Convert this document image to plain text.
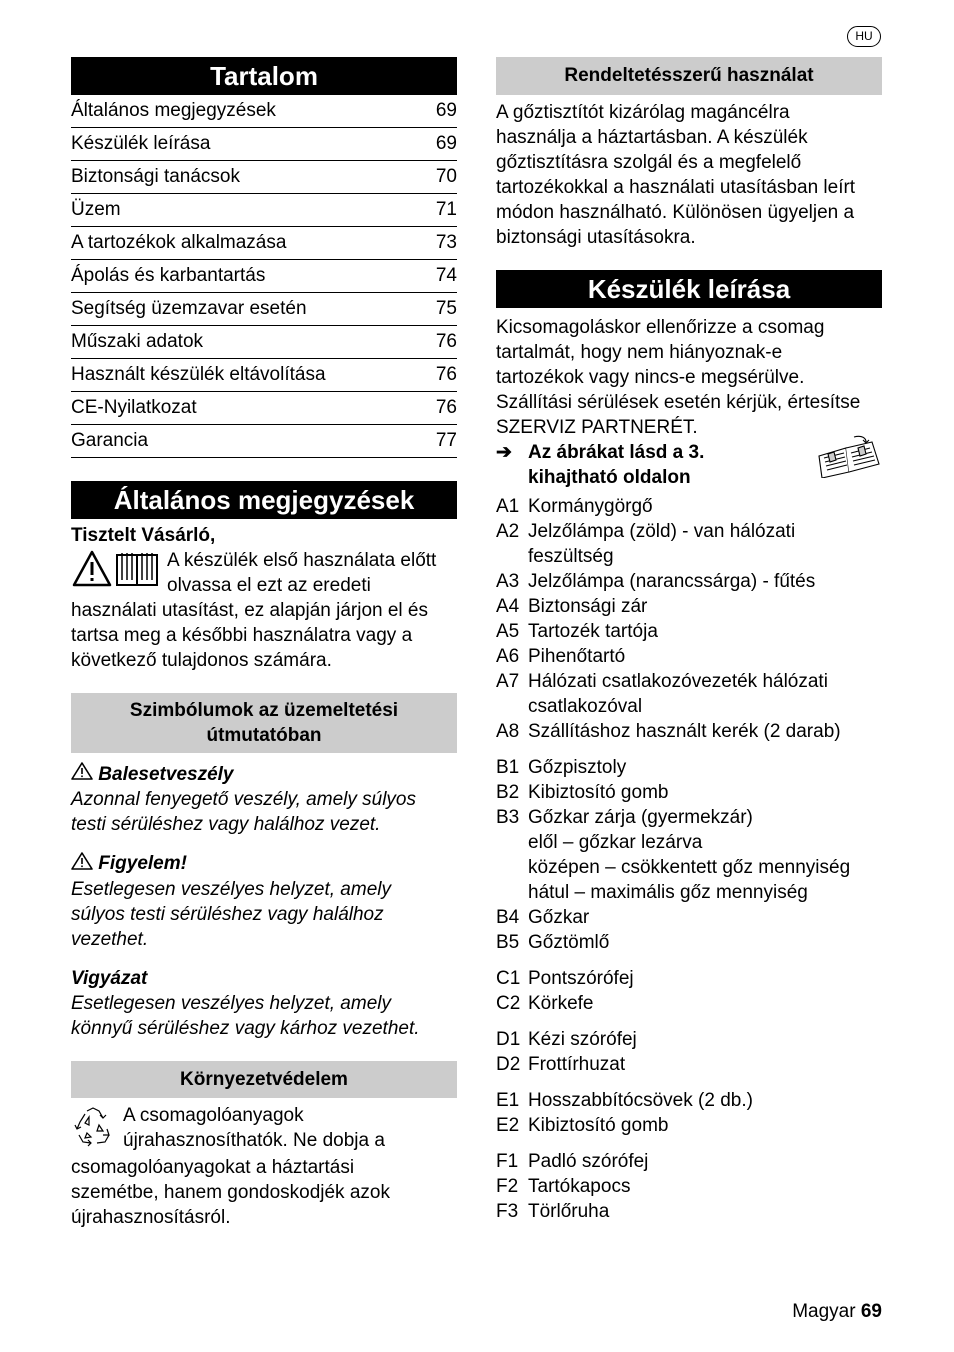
HU
Tartalom
Általános megjegyzések	69
Készülék leírása	69
Biztonsági tanácsok	70
Üzem	71
A tartozékok alkalmazása	73
Ápolás és karbantartás	74
Segítség üzemzavar esetén	75
Műszaki adatok	76
Használt készülék eltávolítása	76
CE-Nyilatkozat	76
Garancia	77
Általános megjegyzések
Tisztelt Vásárló,
A készülék első használata előtt
olvassa el ezt az eredeti
használati utasítást, ez alapján járjon el és
tartsa meg a későbbi használatra vagy a
következő tulajdonos számára.
Szimbólumok az üzemeltetési
útmutatóban
Balesetveszély
Azonnal fenyegető veszély, amely súlyos
testi sérüléshez vagy halálhoz vezet.
Figyelem!
Esetlegesen veszélyes helyzet, amely
súlyos testi sérüléshez vagy halálhoz
vezethet.
Vigyázat
Esetlegesen veszélyes helyzet, amely
könnyű sérüléshez vagy kárhoz vezethet.
Környezetvédelem
A csomagolóanyagok
újrahasznosíthatók. Ne dobja a
csomagolóanyagokat a háztartási
szemétbe, hanem gondoskodjék azok
újrahasznosításról.
Rendeltetésszerű használat
A gőztisztítót kizárólag magáncélra
használja a háztartásban. A készülék
gőztisztításra szolgál és a megfelelő
tartozékokkal a használati utasításban leírt
módon használható. Különösen ügyeljen a
biztonsági utasításokra.
Készülék leírása
Kicsomagoláskor ellenőrizze a csomag
tartalmát, hogy nem hiányoznak-e
tartozékok vagy nincs-e megsérülve.
Szállítási sérülések esetén kérjük, értesítse
SZERVIZ PARTNERÉT.
➔ Az ábrákat lásd a 3.
kihajtható oldalon
A1 Kormánygörgő
A2 Jelzőlámpa (zöld) - van hálózati
feszültség
A3 Jelzőlámpa (narancssárga) - fűtés
A4 Biztonsági zár
A5 Tartozék tartója
A6 Pihenőtartó
A7 Hálózati csatlakozóvezeték hálózati
csatlakozóval
A8 Szállításhoz használt kerék (2 darab)
B1 Gőzpisztoly
B2 Kibiztosító gomb
B3 Gőzkar zárja (gyermekzár)
elől – gőzkar lezárva
középen – csökkentett gőz mennyiség
hátul – maximális gőz mennyiség
B4 Gőzkar
B5 Gőztömlő
C1 Pontszórófej
C2 Körkefe
D1 Kézi szórófej
D2 Frottírhuzat
E1 Hosszabbítócsövek (2 db.)
E2 Kibiztosító gomb
F1 Padló szórófej
F2 Tartókapocs
F3 Törlőruha
Magyar 69
